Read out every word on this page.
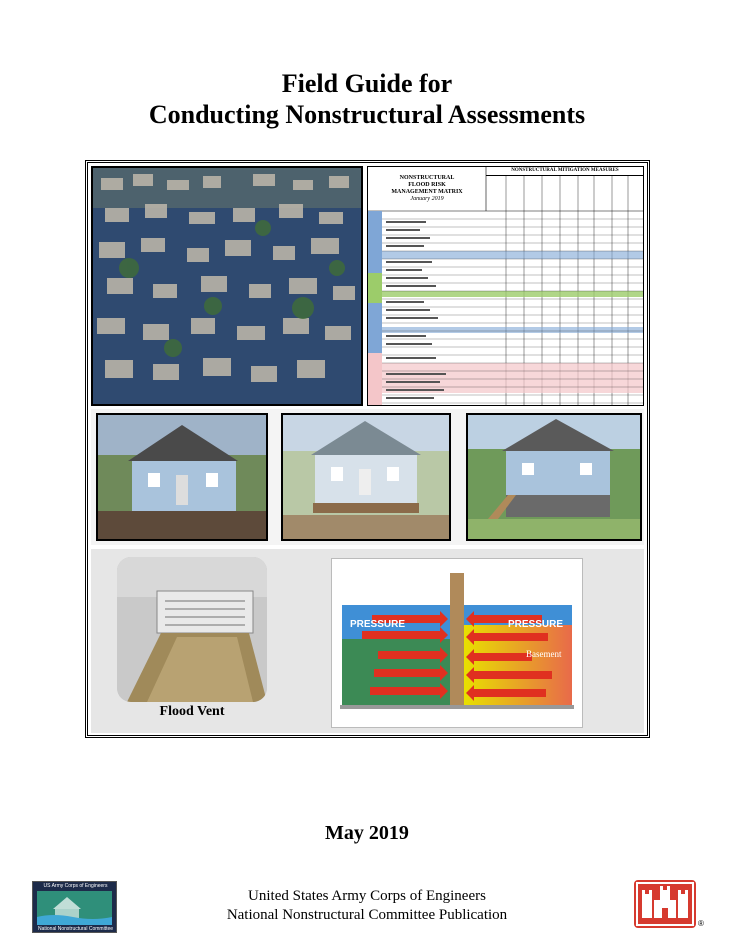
Field Guide for
Conducting Nonstructural Assessments
NONSTRUCTURAL
FLOOD RISK
MANAGEMENT MATRIX
January 2019
NONSTRUCTURAL MITIGATION MEASURES
Flood Vent
PRESSURE	PRESSURE
Basement
May 2019
US Army Corps of Engineers
National Nonstructural Committee
United States Army Corps of Engineers
National Nonstructural Committee Publication
®
